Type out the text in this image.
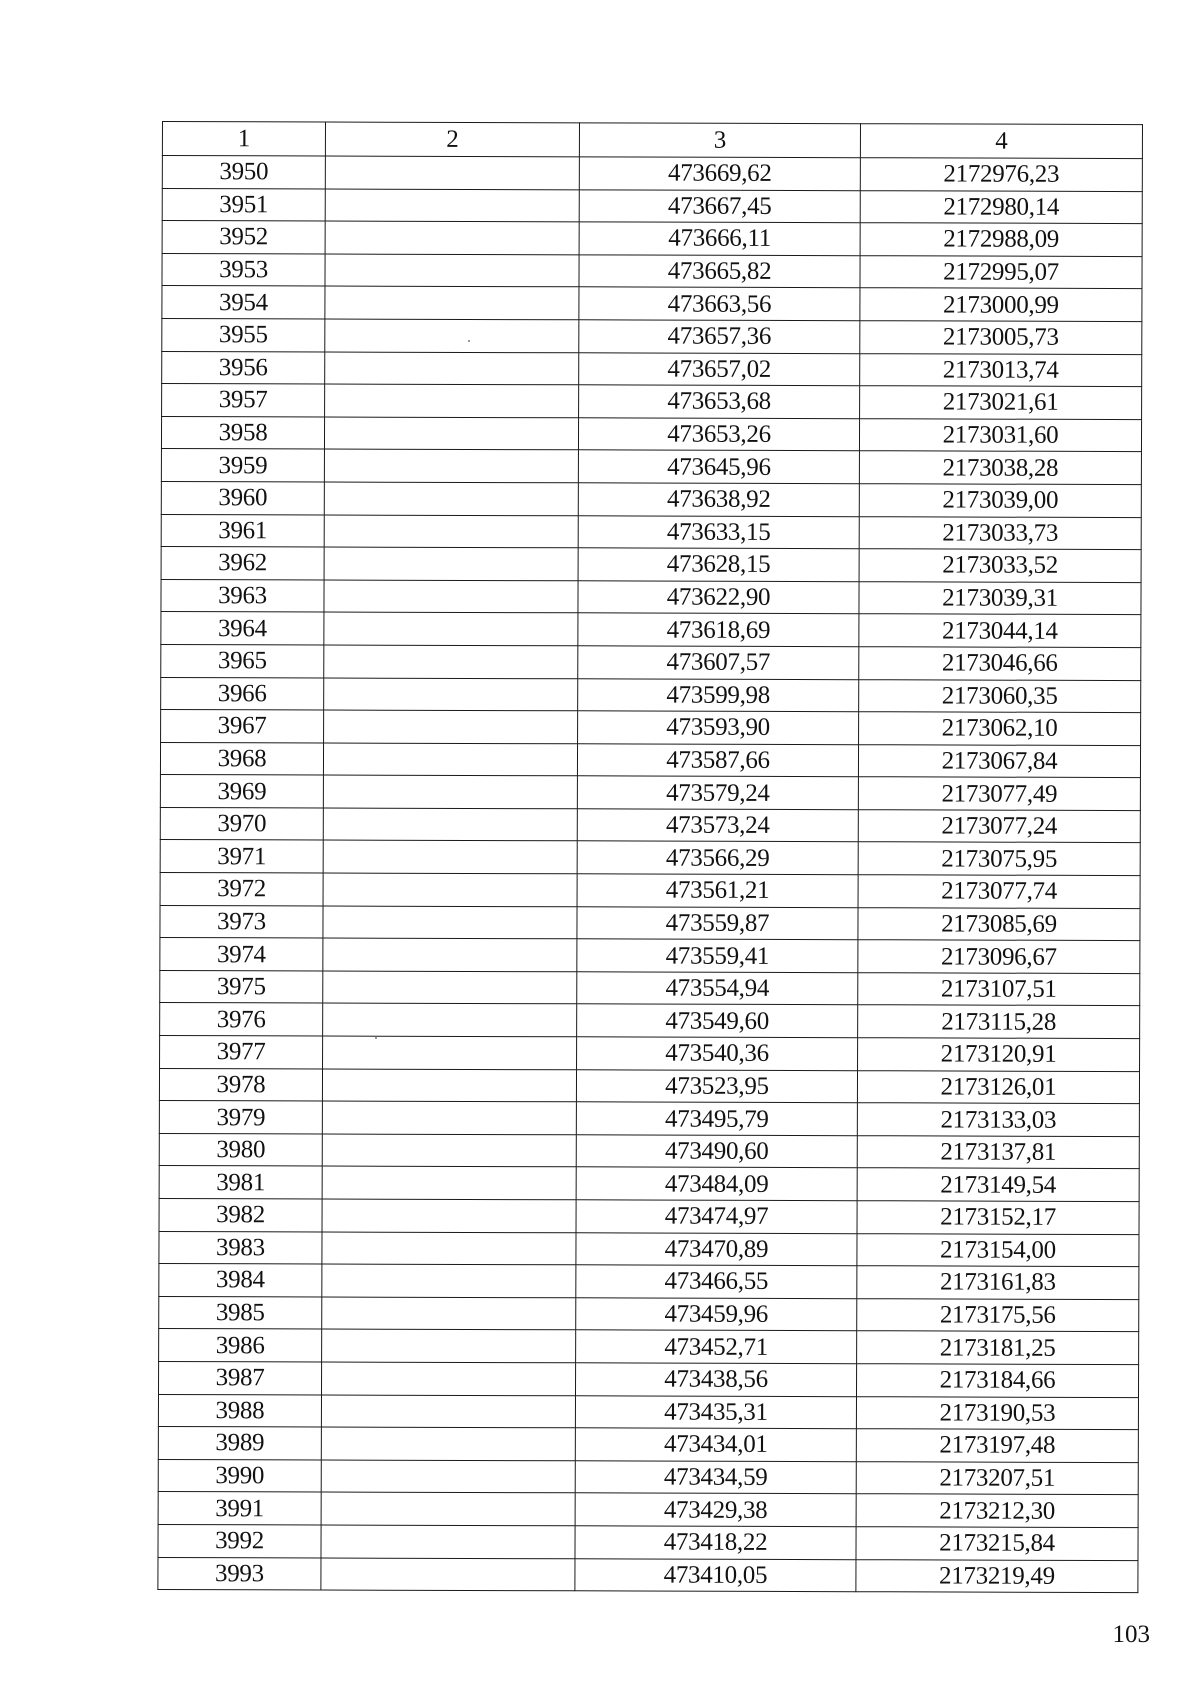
1	2	3	4
3950		473669,62	2172976,23
3951		473667,45	2172980,14
3952		473666,11	2172988,09
3953		473665,82	2172995,07
3954		473663,56	2173000,99
3955		473657,36	2173005,73
3956		473657,02	2173013,74
3957		473653,68	2173021,61
3958		473653,26	2173031,60
3959		473645,96	2173038,28
3960		473638,92	2173039,00
3961		473633,15	2173033,73
3962		473628,15	2173033,52
3963		473622,90	2173039,31
3964		473618,69	2173044,14
3965		473607,57	2173046,66
3966		473599,98	2173060,35
3967		473593,90	2173062,10
3968		473587,66	2173067,84
3969		473579,24	2173077,49
3970		473573,24	2173077,24
3971		473566,29	2173075,95
3972		473561,21	2173077,74
3973		473559,87	2173085,69
3974		473559,41	2173096,67
3975		473554,94	2173107,51
3976		473549,60	2173115,28
3977		473540,36	2173120,91
3978		473523,95	2173126,01
3979		473495,79	2173133,03
3980		473490,60	2173137,81
3981		473484,09	2173149,54
3982		473474,97	2173152,17
3983		473470,89	2173154,00
3984		473466,55	2173161,83
3985		473459,96	2173175,56
3986		473452,71	2173181,25
3987		473438,56	2173184,66
3988		473435,31	2173190,53
3989		473434,01	2173197,48
3990		473434,59	2173207,51
3991		473429,38	2173212,30
3992		473418,22	2173215,84
3993		473410,05	2173219,49
103
